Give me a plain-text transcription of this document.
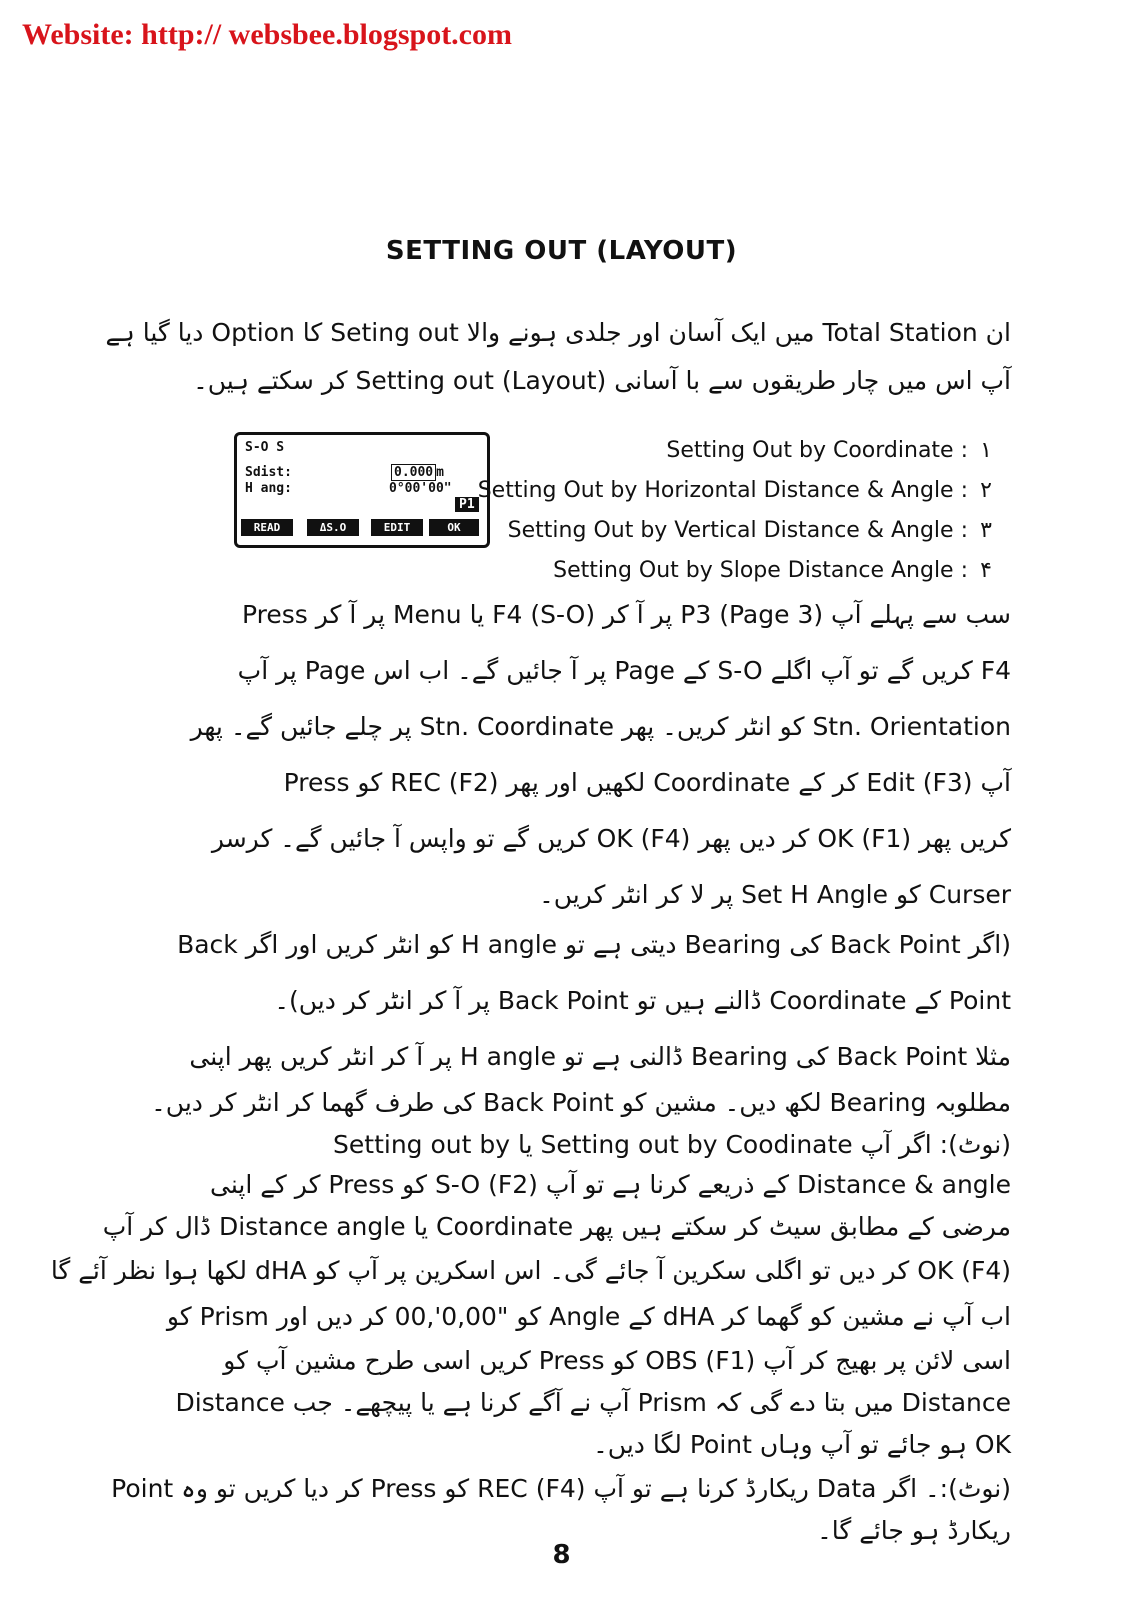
Website: http:// websbee.blogspot.com
SETTING OUT (LAYOUT)
ان Total Station میں ایک آسان اور جلدی ہونے والا Seting out کا Option دیا گیا ہے
آپ اس میں چار طریقوں سے با آسانی Setting out (Layout) کر سکتے ہیں۔
S-O S
Sdist:
H ang:
0.000 m
0°00'00"
P1
READ	ΔS.O	EDIT	OK
Setting Out by Coordinate : ۱
Setting Out by Horizontal Distance & Angle : ۲
Setting Out by Vertical Distance & Angle : ۳
Setting Out by Slope Distance Angle : ۴
سب سے پہلے آپ P3 (Page 3) پر آ کر F4 (S-O) یا Menu پر آ کر Press
F4 کریں گے تو آپ اگلے S-O کے Page پر آ جائیں گے۔ اب اس Page پر آپ
Stn. Orientation کو انٹر کریں۔ پھر Stn. Coordinate پر چلے جائیں گے۔ پھر
آپ Edit (F3) کر کے Coordinate لکھیں اور پھر REC (F2) کو Press
کریں پھر OK (F1) کر دیں پھر OK (F4) کریں گے تو واپس آ جائیں گے۔ کرسر
Curser کو Set H Angle پر لا کر انٹر کریں۔
(اگر Back Point کی Bearing دیتی ہے تو H angle کو انٹر کریں اور اگر Back
Point کے Coordinate ڈالنے ہیں تو Back Point پر آ کر انٹر کر دیں)۔
مثلا Back Point کی Bearing ڈالنی ہے تو H angle پر آ کر انٹر کریں پھر اپنی
مطلوبہ Bearing لکھ دیں۔ مشین کو Back Point کی طرف گھما کر انٹر کر دیں۔
(نوٹ): اگر آپ Setting out by Coodinate یا Setting out by
Distance & angle کے ذریعے کرنا ہے تو آپ S-O (F2) کو Press کر کے اپنی
مرضی کے مطابق سیٹ کر سکتے ہیں پھر Coordinate یا Distance angle ڈال کر آپ
OK (F4) کر دیں تو اگلی سکرین آ جائے گی۔ اس اسکرین پر آپ کو dHA لکھا ہوا نظر آئے گا
اب آپ نے مشین کو گھما کر dHA کے Angle کو "0,00',00 کر دیں اور Prism کو
اسی لائن پر بھیج کر آپ (F1) OBS کو Press کریں اسی طرح مشین آپ کو
Distance میں بتا دے گی کہ Prism آپ نے آگے کرنا ہے یا پیچھے۔ جب Distance
OK ہو جائے تو آپ وہاں Point لگا دیں۔
(نوٹ):۔ اگر Data ریکارڈ کرنا ہے تو آپ REC (F4) کو Press کر دیا کریں تو وہ Point
ریکارڈ ہو جائے گا۔
8
